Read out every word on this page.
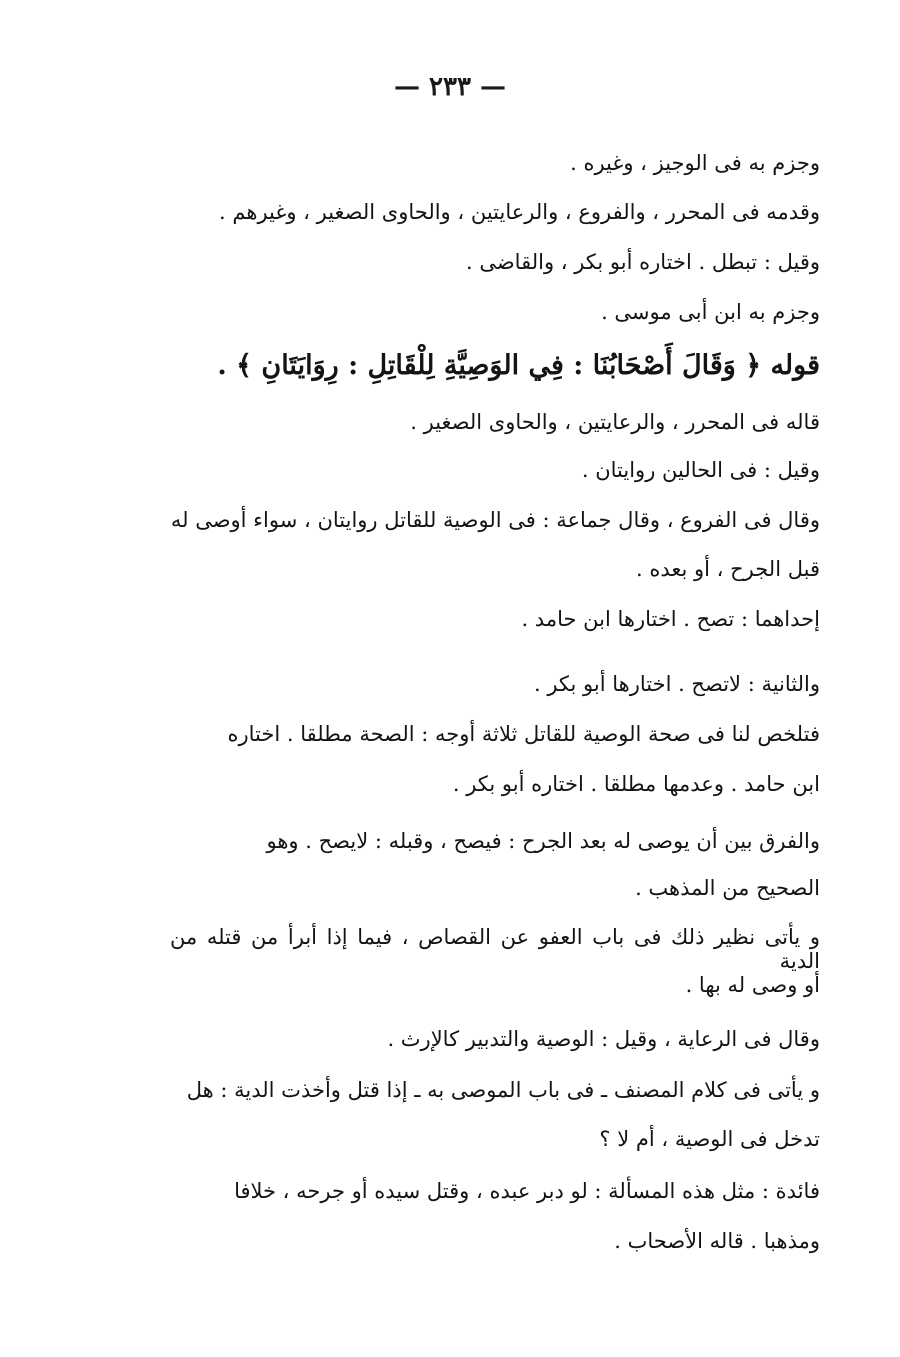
— ٢٣٣ —
وجزم به فى الوجيز ، وغيره .
وقدمه فى المحرر ، والفروع ، والرعايتين ، والحاوى الصغير ، وغيرهم .
وقيل : تبطل . اختاره أبو بكر ، والقاضى .
وجزم به ابن أبى موسى .
قوله ﴿ وَقَالَ أَصْحَابُنَا : فِي الوَصِيَّةِ لِلْقَاتِلِ : رِوَايَتَانِ ﴾ .
قاله فى المحرر ، والرعايتين ، والحاوى الصغير .
وقيل : فى الحالين روايتان .
وقال فى الفروع ، وقال جماعة : فى الوصية للقاتل روايتان ، سواء أوصى له
قبل الجرح ، أو بعده .
إحداهما : تصح . اختارها ابن حامد .
والثانية : لاتصح . اختارها أبو بكر .
فتلخص لنا فى صحة الوصية للقاتل ثلاثة أوجه : الصحة مطلقا . اختاره
ابن حامد . وعدمها مطلقا . اختاره أبو بكر .
والفرق بين أن يوصى له بعد الجرح : فيصح ، وقبله : لايصح . وهو
الصحيح من المذهب .
و يأتى نظير ذلك فى باب العفو عن القصاص ، فيما إذا أبرأ من قتله من الدية
أو وصى له بها .
وقال فى الرعاية ، وقيل : الوصية والتدبير كالإرث .
و يأتى فى كلام المصنف ـ فى باب الموصى به ـ إذا قتل وأخذت الدية : هل
تدخل فى الوصية ، أم لا ؟
فائدة : مثل هذه المسألة : لو دبر عبده ، وقتل سيده أو جرحه ، خلافا
ومذهبا . قاله الأصحاب .
